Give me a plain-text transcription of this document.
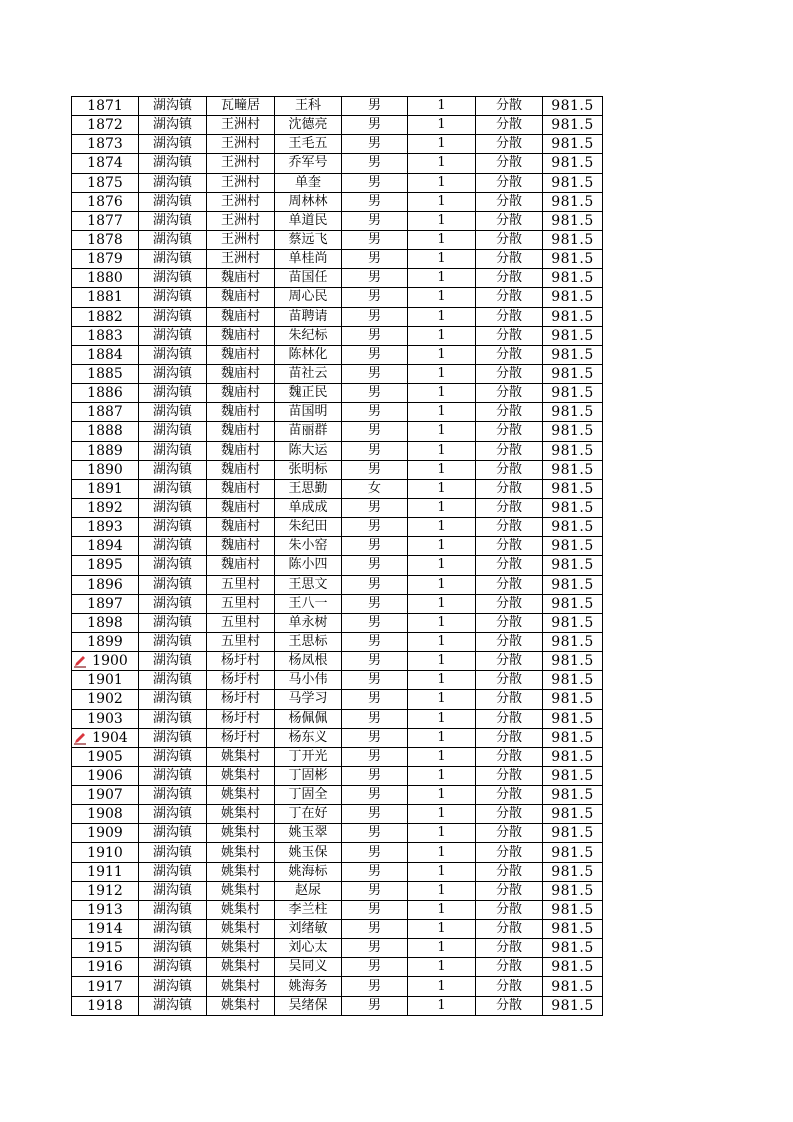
1871	湖沟镇	瓦疃居	王科	男	1	分散	981.5
1872	湖沟镇	王洲村	沈德亮	男	1	分散	981.5
1873	湖沟镇	王洲村	王毛五	男	1	分散	981.5
1874	湖沟镇	王洲村	乔军号	男	1	分散	981.5
1875	湖沟镇	王洲村	单奎	男	1	分散	981.5
1876	湖沟镇	王洲村	周林林	男	1	分散	981.5
1877	湖沟镇	王洲村	单道民	男	1	分散	981.5
1878	湖沟镇	王洲村	蔡远飞	男	1	分散	981.5
1879	湖沟镇	王洲村	单桂尚	男	1	分散	981.5
1880	湖沟镇	魏庙村	苗国任	男	1	分散	981.5
1881	湖沟镇	魏庙村	周心民	男	1	分散	981.5
1882	湖沟镇	魏庙村	苗聘请	男	1	分散	981.5
1883	湖沟镇	魏庙村	朱纪标	男	1	分散	981.5
1884	湖沟镇	魏庙村	陈林化	男	1	分散	981.5
1885	湖沟镇	魏庙村	苗社云	男	1	分散	981.5
1886	湖沟镇	魏庙村	魏正民	男	1	分散	981.5
1887	湖沟镇	魏庙村	苗国明	男	1	分散	981.5
1888	湖沟镇	魏庙村	苗丽群	男	1	分散	981.5
1889	湖沟镇	魏庙村	陈大运	男	1	分散	981.5
1890	湖沟镇	魏庙村	张明标	男	1	分散	981.5
1891	湖沟镇	魏庙村	王思勤	女	1	分散	981.5
1892	湖沟镇	魏庙村	单成成	男	1	分散	981.5
1893	湖沟镇	魏庙村	朱纪田	男	1	分散	981.5
1894	湖沟镇	魏庙村	朱小窑	男	1	分散	981.5
1895	湖沟镇	魏庙村	陈小四	男	1	分散	981.5
1896	湖沟镇	五里村	王思文	男	1	分散	981.5
1897	湖沟镇	五里村	王八一	男	1	分散	981.5
1898	湖沟镇	五里村	单永树	男	1	分散	981.5
1899	湖沟镇	五里村	王思标	男	1	分散	981.5

1900	湖沟镇	杨圩村	杨凤根	男	1	分散	981.5
1901	湖沟镇	杨圩村	马小伟	男	1	分散	981.5
1902	湖沟镇	杨圩村	马学习	男	1	分散	981.5
1903	湖沟镇	杨圩村	杨佩佩	男	1	分散	981.5

1904	湖沟镇	杨圩村	杨东义	男	1	分散	981.5
1905	湖沟镇	姚集村	丁开光	男	1	分散	981.5
1906	湖沟镇	姚集村	丁固彬	男	1	分散	981.5
1907	湖沟镇	姚集村	丁固全	男	1	分散	981.5
1908	湖沟镇	姚集村	丁在好	男	1	分散	981.5
1909	湖沟镇	姚集村	姚玉翠	男	1	分散	981.5
1910	湖沟镇	姚集村	姚玉保	男	1	分散	981.5
1911	湖沟镇	姚集村	姚海标	男	1	分散	981.5
1912	湖沟镇	姚集村	赵尿	男	1	分散	981.5
1913	湖沟镇	姚集村	李兰柱	男	1	分散	981.5
1914	湖沟镇	姚集村	刘绪敏	男	1	分散	981.5
1915	湖沟镇	姚集村	刘心太	男	1	分散	981.5
1916	湖沟镇	姚集村	吴同义	男	1	分散	981.5
1917	湖沟镇	姚集村	姚海务	男	1	分散	981.5
1918	湖沟镇	姚集村	吴绪保	男	1	分散	981.5
